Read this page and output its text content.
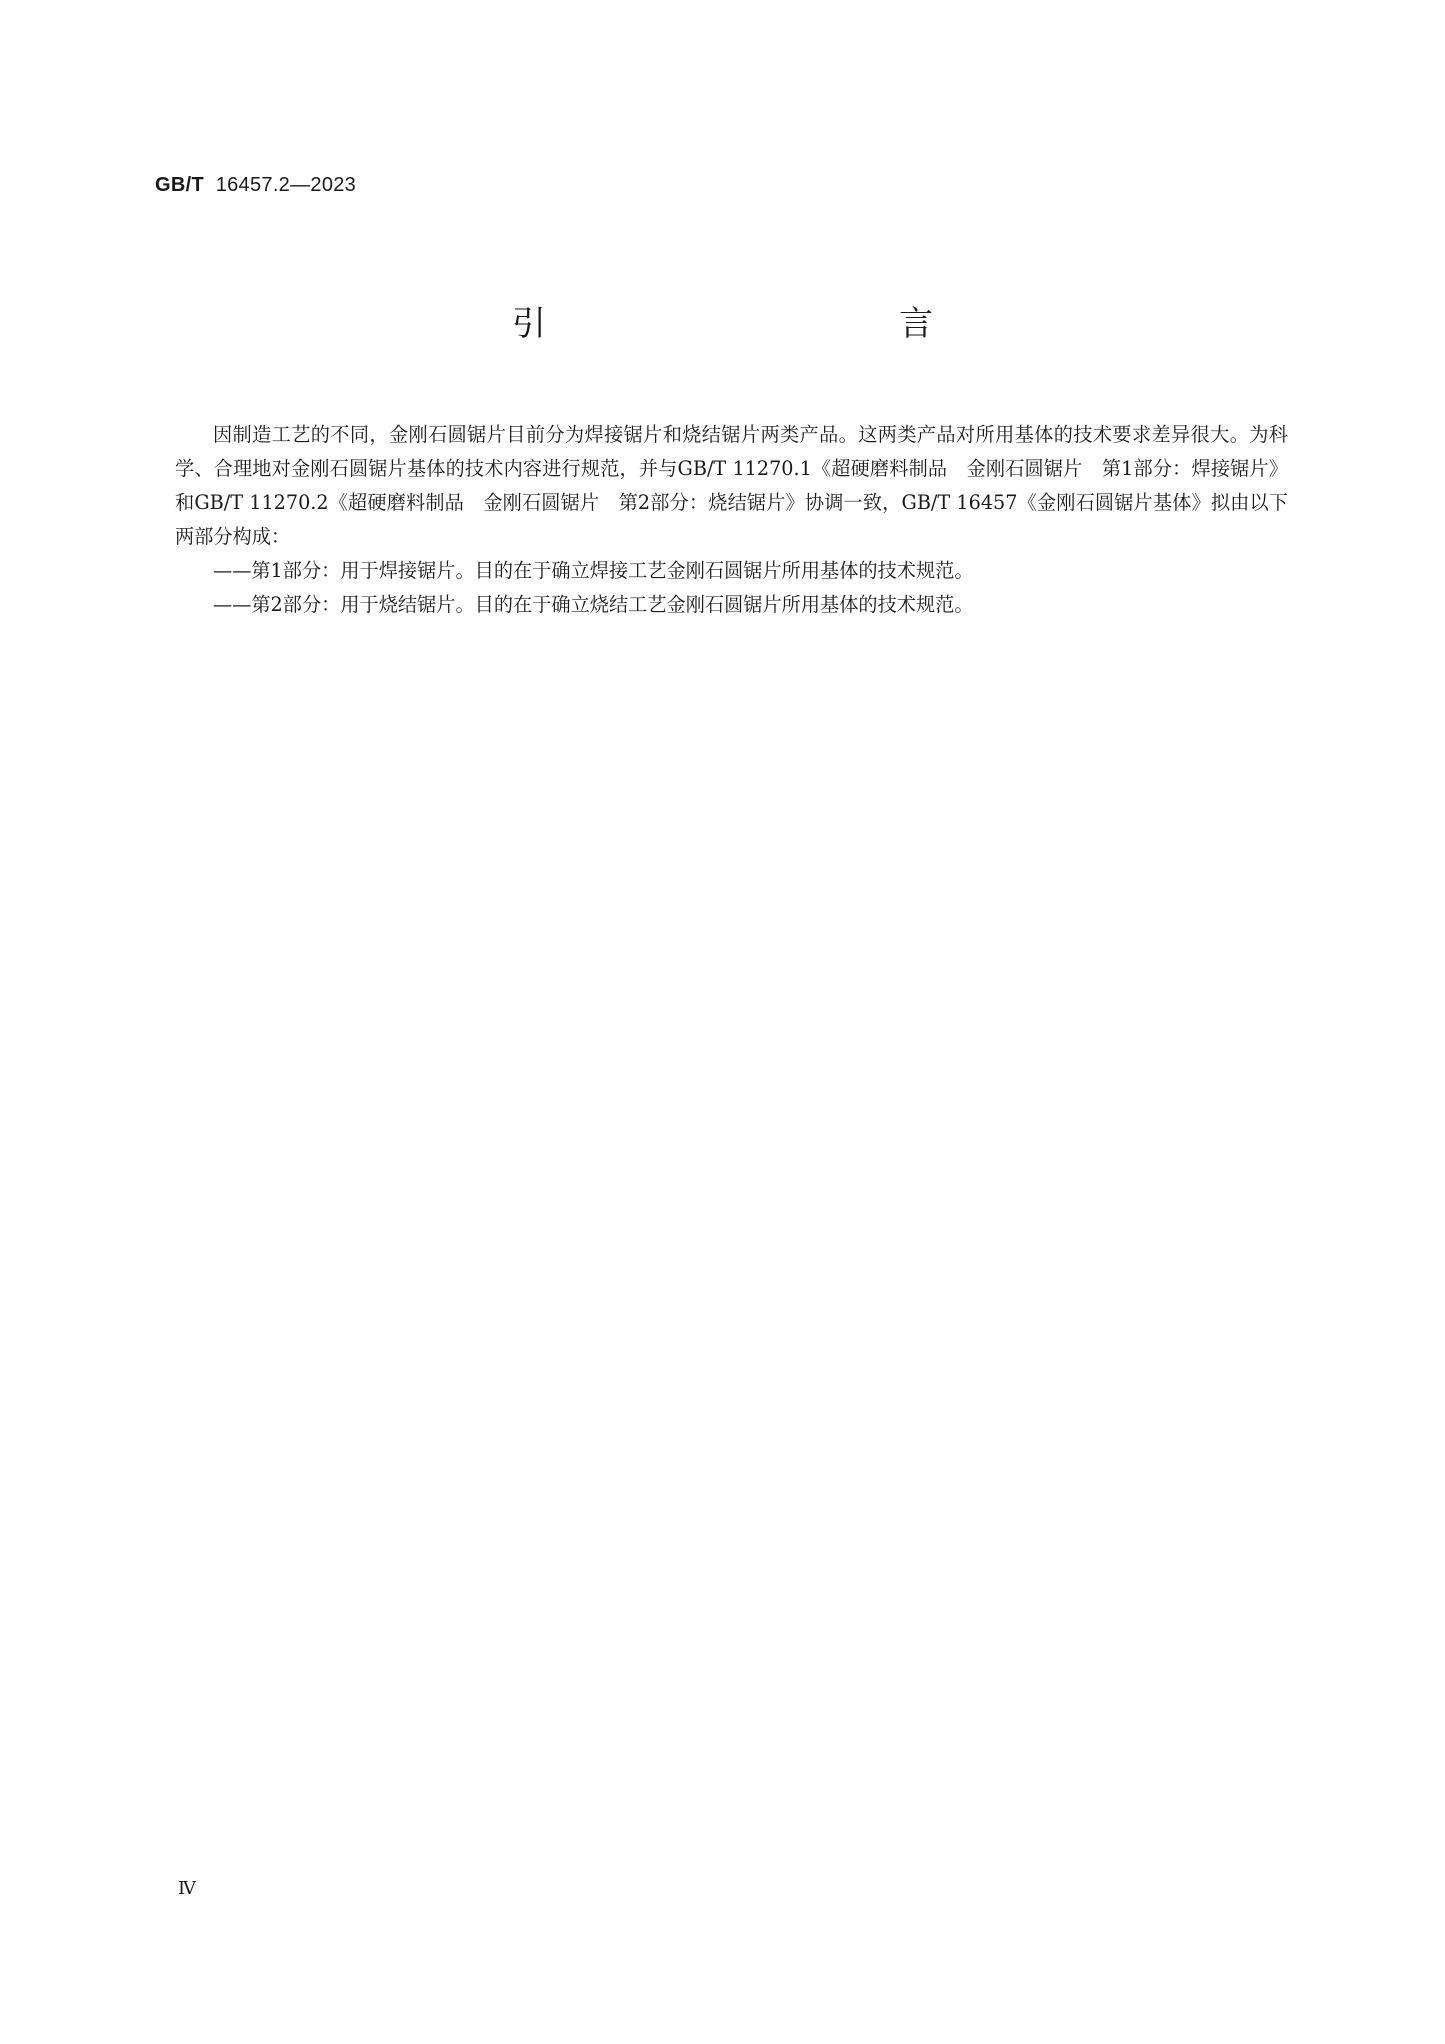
GB/T 16457.2—2023
引　　言

因制造工艺的不同，金刚石圆锯片目前分为焊接锯片和烧结锯片两类产品。这两类产品对所用基体的技术要求差异很大。为科学、合理地对金刚石圆锯片基体的技术内容进行规范，并与GB/T 11270.1《超硬磨料制品　金刚石圆锯片　第1部分：焊接锯片》和GB/T 11270.2《超硬磨料制品　金刚石圆锯片　第2部分：烧结锯片》协调一致，GB/T 16457《金刚石圆锯片基体》拟由以下两部分构成：

——第1部分：用于焊接锯片。目的在于确立焊接工艺金刚石圆锯片所用基体的技术规范。

——第2部分：用于烧结锯片。目的在于确立烧结工艺金刚石圆锯片所用基体的技术规范。

Ⅳ
